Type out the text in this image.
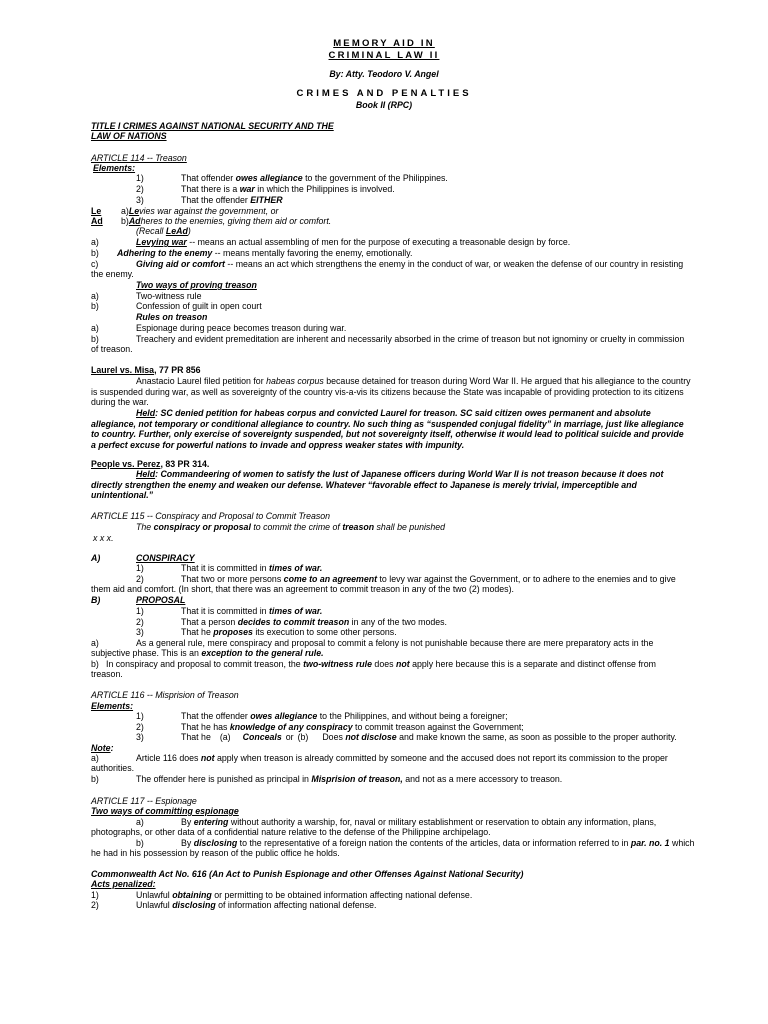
MEMORY AID IN
CRIMINAL LAW II
By: Atty. Teodoro V. Angel
CRIMES AND PENALTIES
Book II (RPC)
TITLE I CRIMES AGAINST NATIONAL SECURITY AND THE
LAW OF NATIONS
ARTICLE 114 -- Treason
Elements:
1)	That offender owes allegiance to the government of the Philippines.
2)	That there is a war in which the Philippines is involved.
3)	That the offender EITHER
Le a)Levies war against the government, or
Ad b)Adheres to the enemies, giving them aid or comfort.
(Recall LeAd)
a)	Levying war -- means an actual assembling of men for the purpose of executing a treasonable design by force.
b) Adhering to the enemy -- means mentally favoring the enemy, emotionally.
c)	Giving aid or comfort -- means an act which strengthens the enemy in the conduct of war, or weaken the defense of our country in resisting
the enemy.
Two ways of proving treason
a)	Two-witness rule
b)	Confession of guilt in open court
Rules on treason
a)	Espionage during peace becomes treason during war.
b)	Treachery and evident premeditation are inherent and necessarily absorbed in the crime of treason but not ignominy or cruelty in commission
of treason.
Laurel vs. Misa, 77 PR 856
Anastacio Laurel filed petition for habeas corpus because detained for treason during Word War II. He argued that his allegiance to the country
is suspended during war, as well as sovereignty of the country vis-a-vis its citizens because the State was incapable of providing protection to its citizens
during the war.
Held: SC denied petition for habeas corpus and convicted Laurel for treason. SC said citizen owes permanent and absolute
allegiance, not temporary or conditional allegiance to country. No such thing as “suspended conjugal fidelity” in marriage, just like allegiance
to country. Further, only exercise of sovereignty suspended, but not sovereignty itself, otherwise it would lead to political suicide and provide
a perfect excuse for powerful nations to invade and oppress weaker states with impunity.
People vs. Perez, 83 PR 314.
Held: Commandeering of women to satisfy the lust of Japanese officers during World War II is not treason because it does not
directly strengthen the enemy and weaken our defense. Whatever “favorable effect to Japanese is merely trivial, imperceptible and
unintentional.”
ARTICLE 115 -- Conspiracy and Proposal to Commit Treason
The conspiracy or proposal to commit the crime of treason shall be punished
x x x.
A)	CONSPIRACY
1)	That it is committed in times of war.
2)	That two or more persons come to an agreement to levy war against the Government, or to adhere to the enemies and to give
them aid and comfort. (In short, that there was an agreement to commit treason in any of the two (2) modes).
B)	PROPOSAL
1)	That it is committed in times of war.
2)	That a person decides to commit treason in any of the two modes.
3)	That he proposes its execution to some other persons.
a)	As a general rule, mere conspiracy and proposal to commit a felony is not punishable because there are mere preparatory acts in the
subjective phase. This is an exception to the general rule.
b) In conspiracy and proposal to commit treason, the two-witness rule does not apply here because this is a separate and distinct offense from
treason.
ARTICLE 116 -- Misprision of Treason
Elements:
1)	That the offender owes allegiance to the Philippines, and without being a foreigner;
2)	That he has knowledge of any conspiracy to commit treason against the Government;
3)	That he (a) Conceals or (b) Does not disclose and make known the same, as soon as possible to the proper authority.
Note:
a)	Article 116 does not apply when treason is already committed by someone and the accused does not report its commission to the proper
authorities.
b)	The offender here is punished as principal in Misprision of treason, and not as a mere accessory to treason.
ARTICLE 117 -- Espionage
Two ways of committing espionage
a)	By entering without authority a warship, for, naval or military establishment or reservation to obtain any information, plans,
photographs, or other data of a confidential nature relative to the defense of the Philippine archipelago.
b)	By disclosing to the representative of a foreign nation the contents of the articles, data or information referred to in par. no. 1 which
he had in his possession by reason of the public office he holds.
Commonwealth Act No. 616 (An Act to Punish Espionage and other Offenses Against National Security)
Acts penalized:
1)	Unlawful obtaining or permitting to be obtained information affecting national defense.
2)	Unlawful disclosing of information affecting national defense.
